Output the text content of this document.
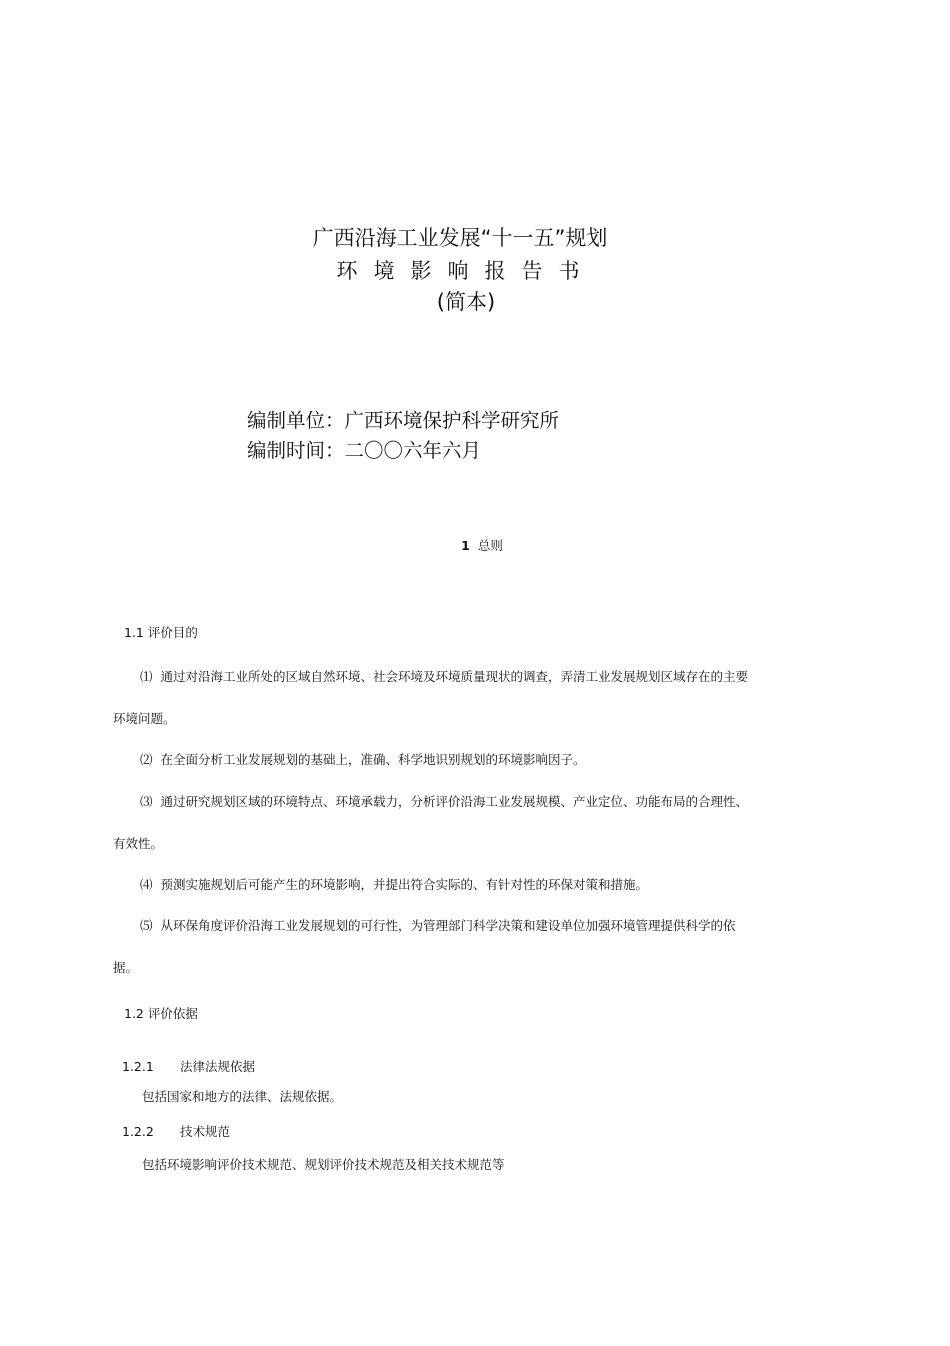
广西沿海工业发展“十一五”规划
环境影响报告书
(简本)
编制单位：广西环境保护科学研究所
编制时间：二〇〇六年六月
1 总则
1.1 评价目的
⑴ 通过对沿海工业所处的区域自然环境、社会环境及环境质量现状的调查，弄清工业发展规划区域存在的主要
环境问题。
⑵ 在全面分析工业发展规划的基础上，准确、科学地识别规划的环境影响因子。
⑶ 通过研究规划区域的环境特点、环境承载力，分析评价沿海工业发展规模、产业定位、功能布局的合理性、
有效性。
⑷ 预测实施规划后可能产生的环境影响，并提出符合实际的、有针对性的环保对策和措施。
⑸ 从环保角度评价沿海工业发展规划的可行性，为管理部门科学决策和建设单位加强环境管理提供科学的依
据。
1.2 评价依据
1.2.1 法律法规依据
包括国家和地方的法律、法规依据。
1.2.2 技术规范
包括环境影响评价技术规范、规划评价技术规范及相关技术规范等
